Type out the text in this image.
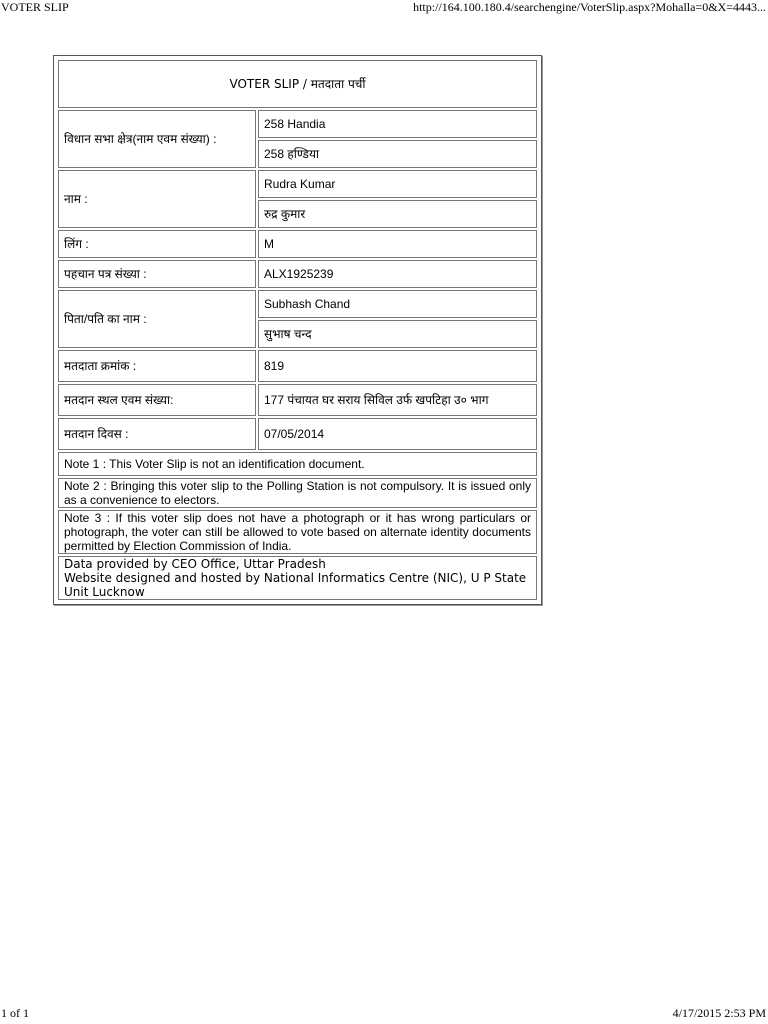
VOTER SLIP	http://164.100.180.4/searchengine/VoterSlip.aspx?Mohalla=0&X=4443...
VOTER SLIP / मतदाता पर्ची	
विधान सभा क्षेत्र(नाम एवम संख्या) :	258 Handia
	258 हण्डिया
नाम :	Rudra Kumar
	रुद्र कुमार
लिंग :	M
पहचान पत्र संख्या :	ALX1925239
पिता/पति का नाम :	Subhash Chand
	सुभाष चन्द
मतदाता क्रमांक :	819
मतदान स्थल एवम संख्या:	177 पंचायत घर सराय सिविल उर्फ खपटिहा उ० भाग
मतदान दिवस :	07/05/2014
Note 1 : This Voter Slip is not an identification document.	
Note 2 : Bringing this voter slip to the Polling Station is not compulsory. It is issued only as a convenience to electors.	
Note 3 : If this voter slip does not have a photograph or it has wrong particulars or photograph, the voter can still be allowed to vote based on alternate identity documents permitted by Election Commission of India.	

Data provided by CEO Office, Uttar Pradesh
Website designed and hosted by National Informatics Centre (NIC), U P State Unit Lucknow	
1 of 1	4/17/2015 2:53 PM
